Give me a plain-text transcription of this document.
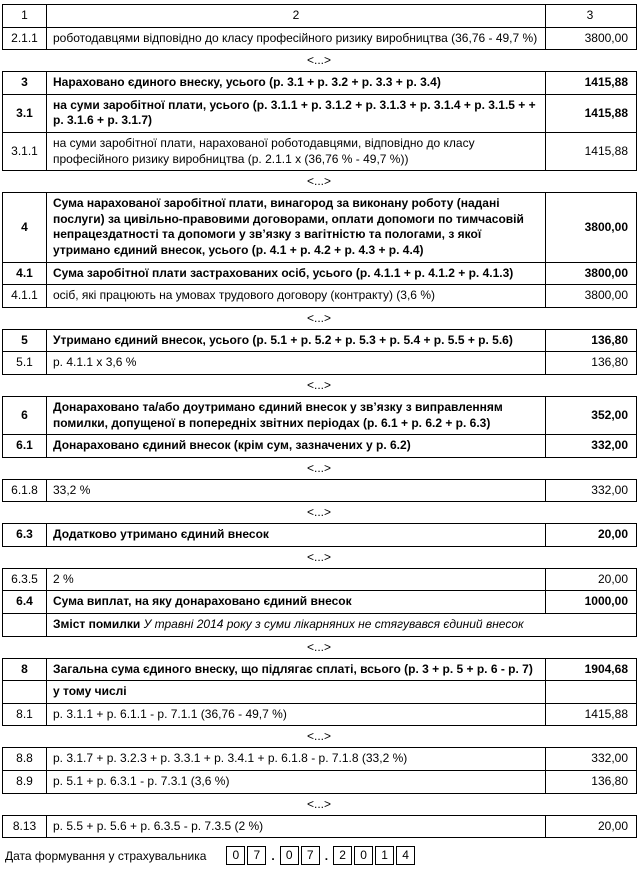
1	2	3
2.1.1	роботодавцями відповідно до класу професійного ризику виробництва (36,76 - 49,7 %)	3800,00
<...>
3	Нараховано єдиного внеску, усього (р. 3.1 + р. 3.2 + р. 3.3 + р. 3.4)	1415,88
3.1	на суми заробітної плати, усього (р. 3.1.1 + р. 3.1.2 + р. 3.1.3 + р. 3.1.4 + р. 3.1.5 + + р. 3.1.6 + р. 3.1.7)	1415,88
3.1.1	на суми заробітної плати, нарахованої роботодавцями, відповідно до класу професійного ризику виробництва (р. 2.1.1 х (36,76 % - 49,7 %))	1415,88
<...>
4	Сума нарахованої заробітної плати, винагород за виконану роботу (надані послуги) за цивільно-правовими договорами, оплати допомоги по тимчасовій непрацездатності та допомоги у зв’язку з вагітністю та пологами, з якої утримано єдиний внесок, усього (р. 4.1 + р. 4.2 + р. 4.3 + р. 4.4)	3800,00
4.1	Сума заробітної плати застрахованих осіб, усього (р. 4.1.1 + р. 4.1.2 + р. 4.1.3)	3800,00
4.1.1	осіб, які працюють на умовах трудового договору (контракту) (3,6 %)	3800,00
<...>
5	Утримано єдиний внесок, усього (р. 5.1 + р. 5.2 + р. 5.3 + р. 5.4 + р. 5.5 + р. 5.6)	136,80
5.1	р. 4.1.1 х 3,6 %	136,80
<...>
6	Донараховано та/або доутримано єдиний внесок у зв’язку з виправленням помилки, допущеної в попередніх звітних періодах (р. 6.1 + р. 6.2 + р. 6.3)	352,00
6.1	Донараховано єдиний внесок (крім сум, зазначених у р. 6.2)	332,00
<...>
6.1.8	33,2 %	332,00
<...>
6.3	Додатково утримано єдиний внесок	20,00
<...>
6.3.5	2 %	20,00
6.4	Сума виплат, на яку донараховано єдиний внесок	1000,00
	Зміст помилки У травні 2014 року з суми лікарняних не стягувався єдиний внесок	
<...>
8	Загальна сума єдиного внеску, що підлягає сплаті, всього (р. 3 + р. 5 + р. 6 - р. 7)	1904,68
	у тому числі	
8.1	р. 3.1.1 + р. 6.1.1 - р. 7.1.1 (36,76 - 49,7 %)	1415,88
<...>
8.8	р. 3.1.7 + р. 3.2.3 + р. 3.3.1 + р. 3.4.1 + р. 6.1.8 - р. 7.1.8 (33,2 %)	332,00
8.9	р. 5.1 + р. 6.3.1 - р. 7.3.1 (3,6 %)	136,80
<...>
8.13	р. 5.5 + р. 5.6 + р. 6.3.5 - р. 7.3.5 (2 %)	20,00
Дата формування у страхувальника	0	7 . 0	7 . 2	0	1	4
